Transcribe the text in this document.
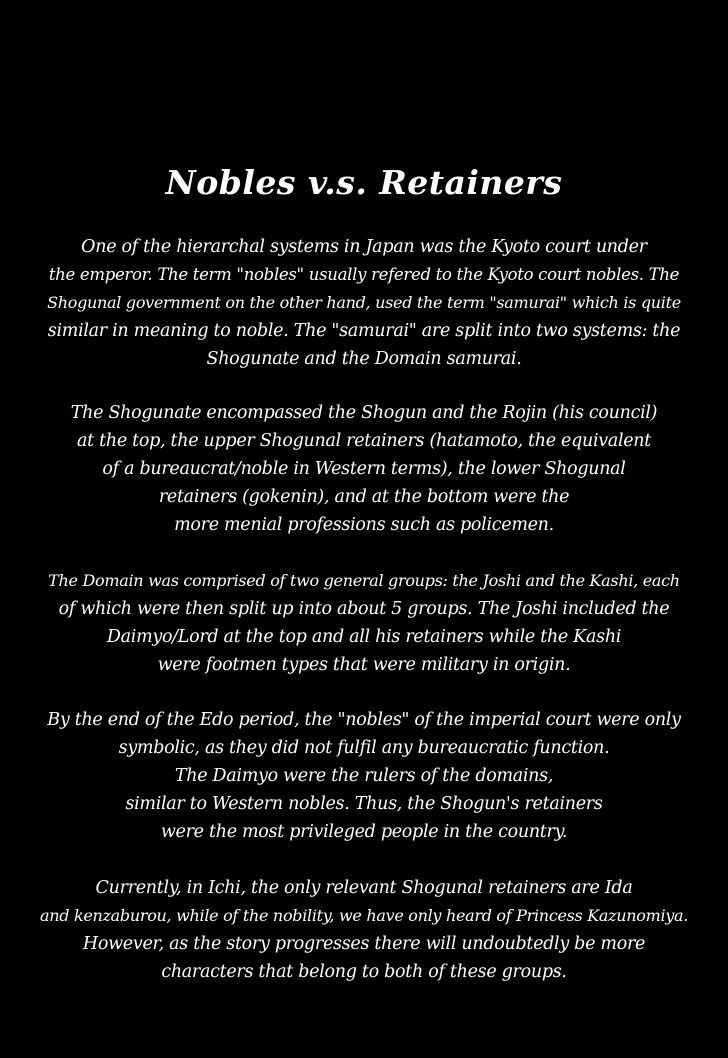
Nobles v.s. Retainers

One of the hierarchal systems in Japan was the Kyoto court under
the emperor. The term "nobles" usually refered to the Kyoto court nobles. The
Shogunal government on the other hand, used the term "samurai" which is quite
similar in meaning to noble. The "samurai" are split into two systems: the
Shogunate and the Domain samurai.

The Shogunate encompassed the Shogun and the Rojin (his council)
at the top, the upper Shogunal retainers (hatamoto, the equivalent
of a bureaucrat/noble in Western terms), the lower Shogunal
retainers (gokenin), and at the bottom were the
more menial professions such as policemen.

The Domain was comprised of two general groups: the Joshi and the Kashi, each
of which were then split up into about 5 groups. The Joshi included the
Daimyo/Lord at the top and all his retainers while the Kashi
were footmen types that were military in origin.

By the end of the Edo period, the "nobles" of the imperial court were only
symbolic, as they did not fulfil any bureaucratic function.
The Daimyo were the rulers of the domains,
similar to Western nobles. Thus, the Shogun's retainers
were the most privileged people in the country.

Currently, in Ichi, the only relevant Shogunal retainers are Ida
and kenzaburou, while of the nobility, we have only heard of Princess Kazunomiya.
However, as the story progresses there will undoubtedly be more
characters that belong to both of these groups.
